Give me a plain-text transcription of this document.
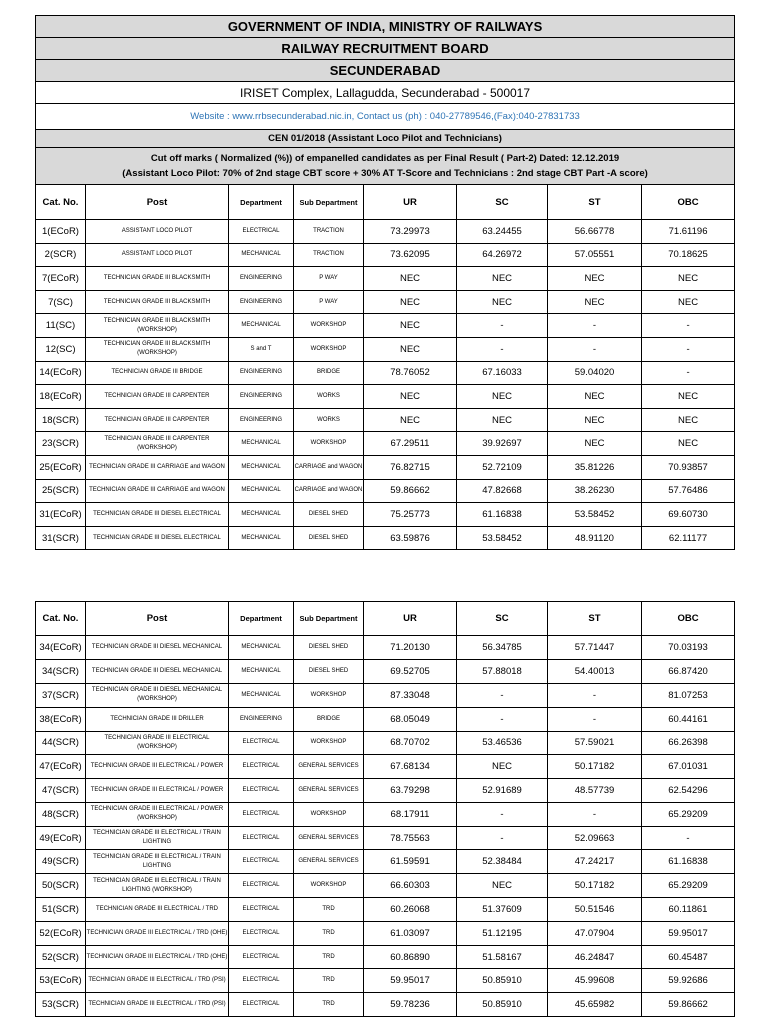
GOVERNMENT OF INDIA, MINISTRY OF RAILWAYS							
RAILWAY RECRUITMENT BOARD							
SECUNDERABAD							
IRISET Complex, Lallagudda, Secunderabad - 500017							
Website : www.rrbsecunderabad.nic.in, Contact us (ph) : 040-27789546,(Fax):040-27831733							
CEN 01/2018 (Assistant Loco Pilot and Technicians)							

Cut off marks ( Normalized (%)) of empanelled candidates as per Final Result ( Part-2) Dated: 12.12.2019
(Assistant Loco Pilot: 70% of 2nd stage CBT score + 30% AT T-Score and Technicians : 2nd stage CBT Part -A score)							

Cat. No.	Post	Department	Sub Department	UR	SC	ST	OBC
1(ECoR)	ASSISTANT LOCO PILOT	ELECTRICAL	TRACTION	73.29973	63.24455	56.66778	71.61196
2(SCR)	ASSISTANT LOCO PILOT	MECHANICAL	TRACTION	73.62095	64.26972	57.05551	70.18625
7(ECoR)	TECHNICIAN GRADE III BLACKSMITH	ENGINEERING	P WAY	NEC	NEC	NEC	NEC
7(SC)	TECHNICIAN GRADE III BLACKSMITH	ENGINEERING	P WAY	NEC	NEC	NEC	NEC
11(SC)	TECHNICIAN GRADE III BLACKSMITH (WORKSHOP)	MECHANICAL	WORKSHOP	NEC	-	-	-
12(SC)	TECHNICIAN GRADE III BLACKSMITH (WORKSHOP)	S and T	WORKSHOP	NEC	-	-	-
14(ECoR)	TECHNICIAN GRADE III BRIDGE	ENGINEERING	BRIDGE	78.76052	67.16033	59.04020	-
18(ECoR)	TECHNICIAN GRADE III CARPENTER	ENGINEERING	WORKS	NEC	NEC	NEC	NEC
18(SCR)	TECHNICIAN GRADE III CARPENTER	ENGINEERING	WORKS	NEC	NEC	NEC	NEC
23(SCR)	TECHNICIAN GRADE III CARPENTER (WORKSHOP)	MECHANICAL	WORKSHOP	67.29511	39.92697	NEC	NEC
25(ECoR)	TECHNICIAN GRADE III CARRIAGE and WAGON	MECHANICAL	CARRIAGE and WAGON	76.82715	52.72109	35.81226	70.93857
25(SCR)	TECHNICIAN GRADE III CARRIAGE and WAGON	MECHANICAL	CARRIAGE and WAGON	59.86662	47.82668	38.26230	57.76486
31(ECoR)	TECHNICIAN GRADE III DIESEL ELECTRICAL	MECHANICAL	DIESEL SHED	75.25773	61.16838	53.58452	69.60730
31(SCR)	TECHNICIAN GRADE III DIESEL ELECTRICAL	MECHANICAL	DIESEL SHED	63.59876	53.58452	48.91120	62.11177
Cat. No.	Post	Department	Sub Department	UR	SC	ST	OBC
34(ECoR)	TECHNICIAN GRADE III DIESEL MECHANICAL	MECHANICAL	DIESEL SHED	71.20130	56.34785	57.71447	70.03193
34(SCR)	TECHNICIAN GRADE III DIESEL MECHANICAL	MECHANICAL	DIESEL SHED	69.52705	57.88018	54.40013	66.87420
37(SCR)	TECHNICIAN GRADE III DIESEL MECHANICAL (WORKSHOP)	MECHANICAL	WORKSHOP	87.33048	-	-	81.07253
38(ECoR)	TECHNICIAN GRADE III DRILLER	ENGINEERING	BRIDGE	68.05049	-	-	60.44161
44(SCR)	TECHNICIAN GRADE III ELECTRICAL (WORKSHOP)	ELECTRICAL	WORKSHOP	68.70702	53.46536	57.59021	66.26398
47(ECoR)	TECHNICIAN GRADE III ELECTRICAL / POWER	ELECTRICAL	GENERAL SERVICES	67.68134	NEC	50.17182	67.01031
47(SCR)	TECHNICIAN GRADE III ELECTRICAL / POWER	ELECTRICAL	GENERAL SERVICES	63.79298	52.91689	48.57739	62.54296
48(SCR)	TECHNICIAN GRADE III ELECTRICAL / POWER (WORKSHOP)	ELECTRICAL	WORKSHOP	68.17911	-	-	65.29209
49(ECoR)	TECHNICIAN GRADE III ELECTRICAL / TRAIN LIGHTING	ELECTRICAL	GENERAL SERVICES	78.75563	-	52.09663	-
49(SCR)	TECHNICIAN GRADE III ELECTRICAL / TRAIN LIGHTING	ELECTRICAL	GENERAL SERVICES	61.59591	52.38484	47.24217	61.16838
50(SCR)	TECHNICIAN GRADE III ELECTRICAL / TRAIN LIGHTING (WORKSHOP)	ELECTRICAL	WORKSHOP	66.60303	NEC	50.17182	65.29209
51(SCR)	TECHNICIAN GRADE III ELECTRICAL / TRD	ELECTRICAL	TRD	60.26068	51.37609	50.51546	60.11861
52(ECoR)	TECHNICIAN GRADE III ELECTRICAL / TRD (OHE)	ELECTRICAL	TRD	61.03097	51.12195	47.07904	59.95017
52(SCR)	TECHNICIAN GRADE III ELECTRICAL / TRD (OHE)	ELECTRICAL	TRD	60.86890	51.58167	46.24847	60.45487
53(ECoR)	TECHNICIAN GRADE III ELECTRICAL / TRD (PSI)	ELECTRICAL	TRD	59.95017	50.85910	45.99608	59.92686
53(SCR)	TECHNICIAN GRADE III ELECTRICAL / TRD (PSI)	ELECTRICAL	TRD	59.78236	50.85910	45.65982	59.86662
